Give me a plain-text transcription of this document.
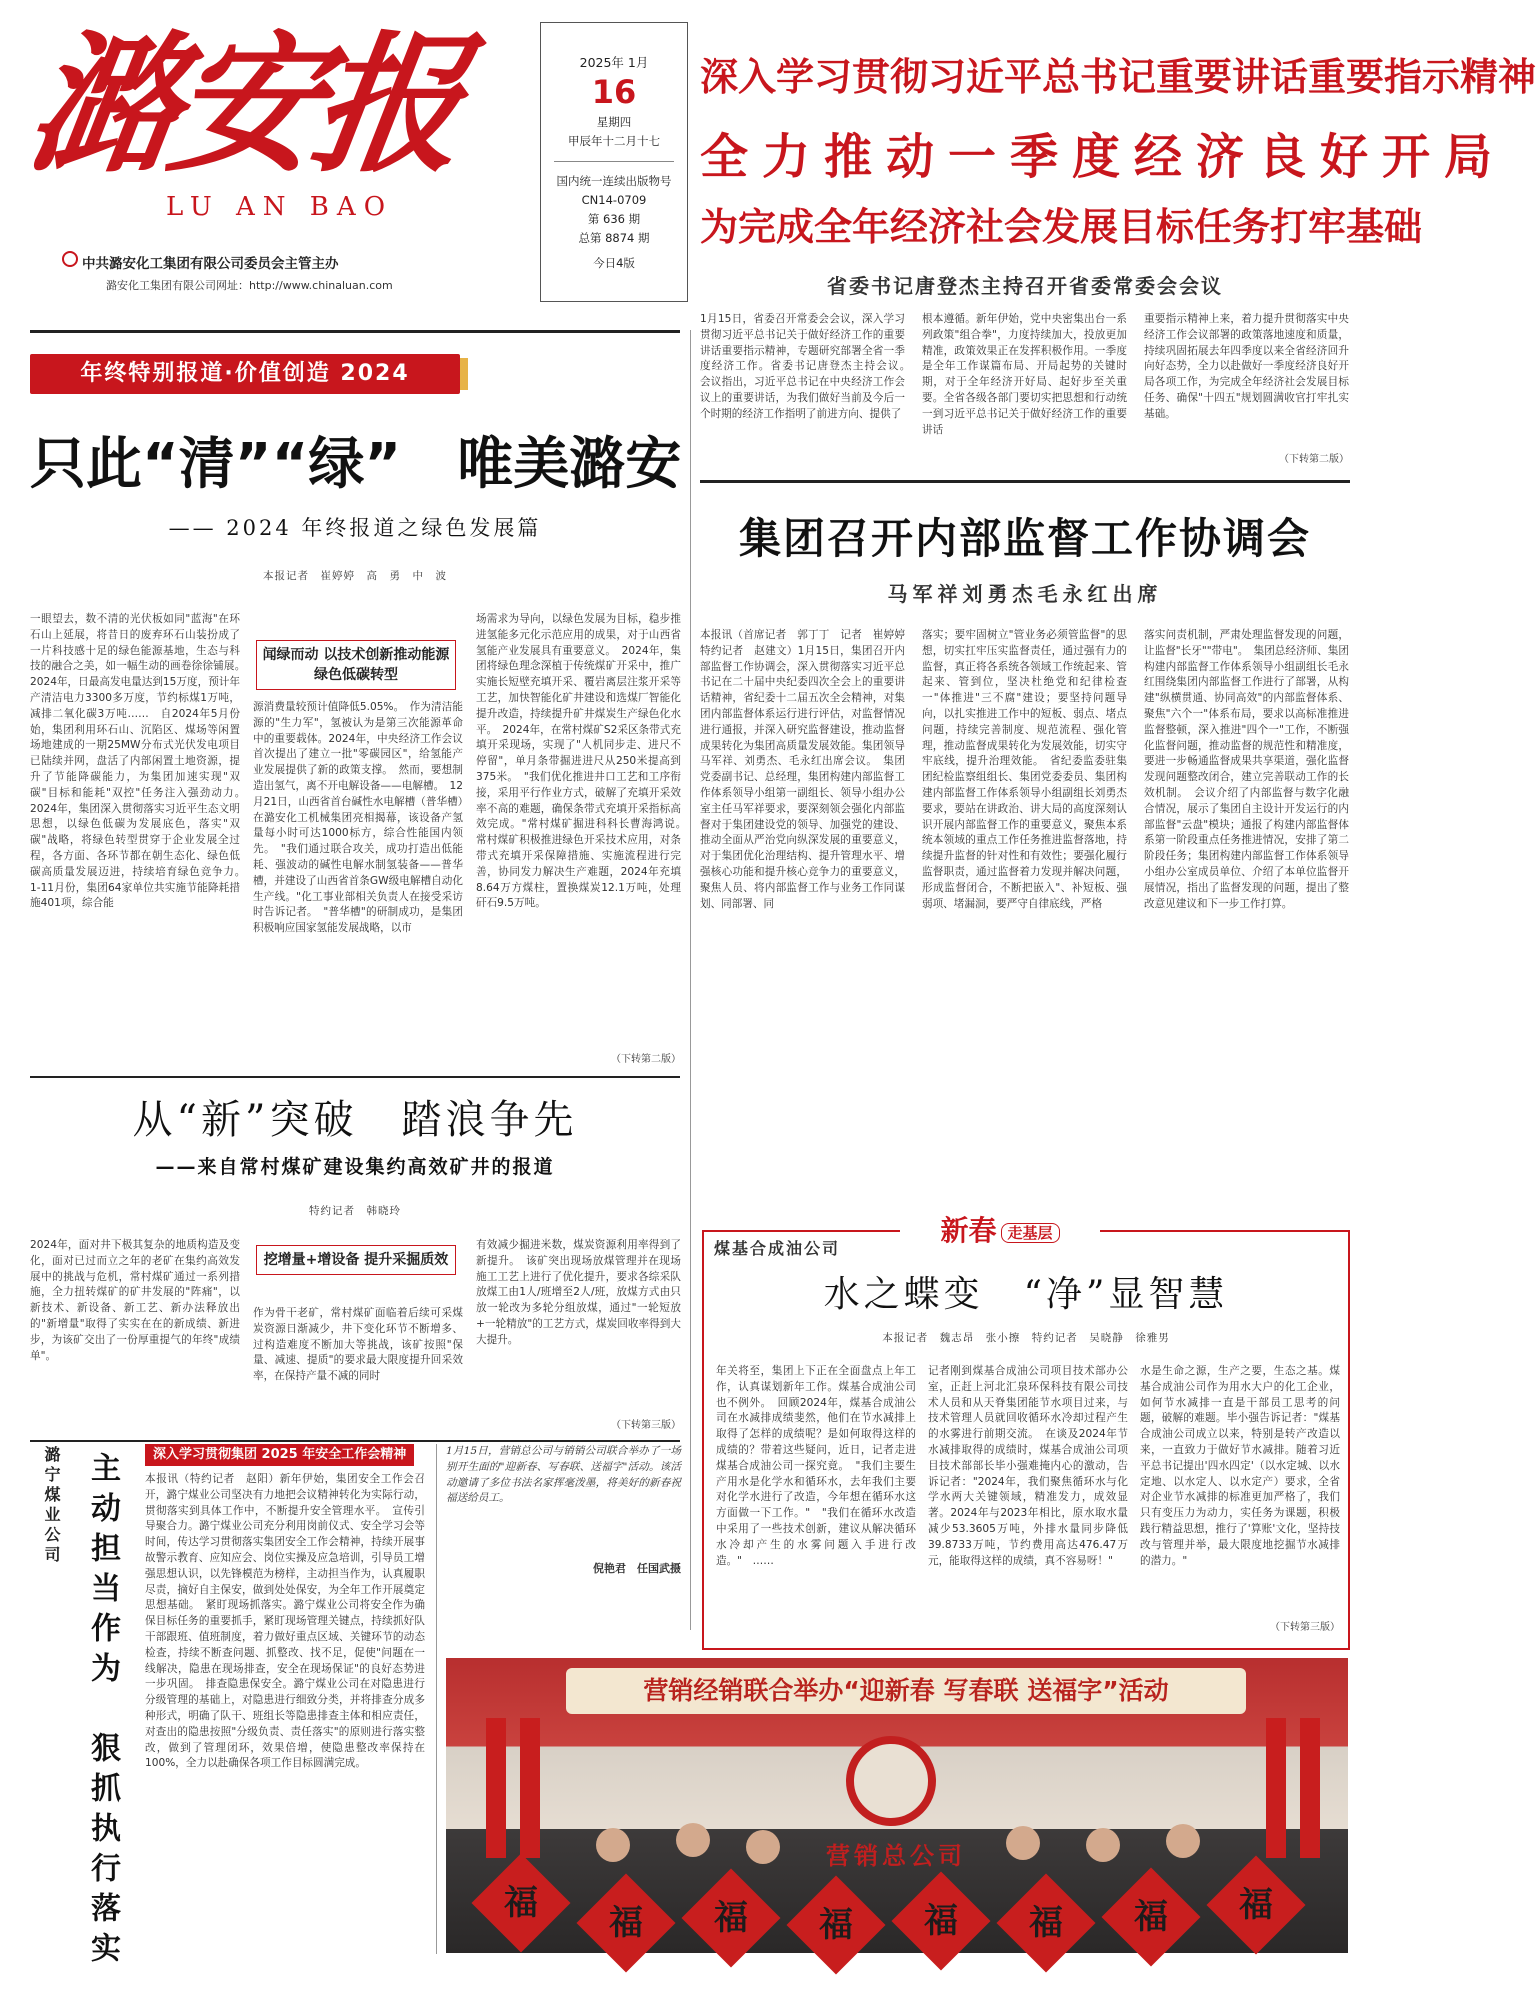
潞安报
LU AN BAO
中共潞安化工集团有限公司委员会主管主办
潞安化工集团有限公司网址：http://www.chinaluan.com
2025年 1月
16
星期四
甲辰年十二月十七
国内统一连续出版物号
CN14-0709
第 636 期
总第 8874 期
今日4版
深入学习贯彻习近平总书记重要讲话重要指示精神
全力推动一季度经济良好开局
为完成全年经济社会发展目标任务打牢基础
省委书记唐登杰主持召开省委常委会会议
1月15日，省委召开常委会会议，深入学习贯彻习近平总书记关于做好经济工作的重要讲话重要指示精神，专题研究部署全省一季度经济工作。省委书记唐登杰主持会议。　会议指出，习近平总书记在中央经济工作会议上的重要讲话，为我们做好当前及今后一个时期的经济工作指明了前进方向、提供了
根本遵循。新年伊始，党中央密集出台一系列政策"组合拳"，力度持续加大，投放更加精准，政策效果正在发挥积极作用。一季度是全年工作谋篇布局、开局起势的关键时期，对于全年经济开好局、起好步至关重要。全省各级各部门要切实把思想和行动统一到习近平总书记关于做好经济工作的重要讲话
重要指示精神上来，着力提升贯彻落实中央经济工作会议部署的政策落地速度和质量，持续巩固拓展去年四季度以来全省经济回升向好态势，全力以赴做好一季度经济良好开局各项工作，为完成全年经济社会发展目标任务、确保"十四五"规划圆满收官打牢扎实基础。
（下转第二版）
年终特别报道·价值创造 2024
只此“清”“绿”　唯美潞安
—— 2024 年终报道之绿色发展篇
本报记者　崔婷婷　高　勇　中　波
一眼望去，数不清的光伏板如同"蓝海"在环石山上延展，将昔日的废弃环石山装扮成了一片科技感十足的绿色能源基地，生态与科技的融合之美，如一幅生动的画卷徐徐铺展。　2024年，日最高发电量达到15万度，预计年产清洁电力3300多万度，节约标煤1万吨，减排二氧化碳3万吨……　自2024年5月份始，集团利用环石山、沉陷区、煤场等闲置场地建成的一期25MW分布式光伏发电项目已陆续并网，盘活了内部闲置土地资源，提升了节能降碳能力，为集团加速实现"双碳"目标和能耗"双控"任务注入强劲动力。　2024年，集团深入贯彻落实习近平生态文明思想，以绿色低碳为发展底色，落实"双碳"战略，将绿色转型贯穿于企业发展全过程，各方面、各环节都在朝生态化、绿色低碳高质量发展迈进，持续培育绿色竞争力。　1-11月份，集团64家单位共实施节能降耗措施401项，综合能
闻绿而动 以技术创新推动能源绿色低碳转型
源消费量较预计值降低5.05%。　作为清洁能源的"生力军"，氢被认为是第三次能源革命中的重要载体。2024年，中央经济工作会议首次提出了建立一批"零碳园区"，给氢能产业发展提供了新的政策支撑。　然而，要想制造出氢气，离不开电解设备——电解槽。　12月21日，山西省首台碱性水电解槽（普华槽）在潞安化工机械集团亮相揭幕，该设备产氢量每小时可达1000标方，综合性能国内领先。　"我们通过联合攻关，成功打造出低能耗、强波动的碱性电解水制氢装备——普华槽，并建设了山西省首条GW级电解槽自动化生产线。"化工事业部相关负责人在接受采访时告诉记者。　"普华槽"的研制成功，是集团积极响应国家氢能发展战略，以市
场需求为导向，以绿色发展为目标，稳步推进氢能多元化示范应用的成果，对于山西省氢能产业发展具有重要意义。　2024年，集团将绿色理念深植于传统煤矿开采中，推广实施长短壁充填开采、覆岩离层注浆开采等工艺，加快智能化矿井建设和选煤厂智能化提升改造，持续提升矿井煤炭生产绿色化水平。　2024年，在常村煤矿S2采区条带式充填开采现场，实现了"人机同步走、进尺不停留"，单月条带掘进进尺从250米提高到375米。　"我们优化推进井口工艺和工序衔接，采用平行作业方式，破解了充填开采效率不高的难题，确保条带式充填开采指标高效完成。"常村煤矿掘进科科长曹海鸿说。　常村煤矿积极推进绿色开采技术应用，对条带式充填开采保障措施、实施流程进行完善，协同发力解决生产难题，2024年充填8.64万方煤柱，置换煤炭12.1万吨，处理矸石9.5万吨。
（下转第二版）
集团召开内部监督工作协调会
马军祥刘勇杰毛永红出席
本报讯（首席记者　郭丁丁　记者　崔婷婷　特约记者　赵建文）1月15日，集团召开内部监督工作协调会，深入贯彻落实习近平总书记在二十届中央纪委四次全会上的重要讲话精神，省纪委十二届五次全会精神，对集团内部监督体系运行进行评估，对监督情况进行通报，并深入研究监督建设，推动监督成果转化为集团高质量发展效能。集团领导马军祥、刘勇杰、毛永红出席会议。　集团党委副书记、总经理，集团构建内部监督工作体系领导小组第一副组长、领导小组办公室主任马军祥要求，要深刻领会强化内部监督对于集团建设党的领导、加强党的建设、推动全面从严治党向纵深发展的重要意义，对于集团优化治理结构、提升管理水平、增强核心功能和提升核心竞争力的重要意义，聚焦人员、将内部监督工作与业务工作同谋划、同部署、同
落实；要牢固树立"管业务必须管监督"的思想，切实扛牢压实监督责任，通过强有力的监督，真正将各系统各领域工作统起来、管起来、管到位，坚决杜绝党和纪律检查一"体推进"三不腐"建设；要坚持问题导向，以扎实推进工作中的短板、弱点、堵点问题，持续完善制度、规范流程、强化管理，推动监督成果转化为发展效能，切实守牢底线，提升治理效能。　省纪委监委驻集团纪检监察组组长、集团党委委员、集团构建内部监督工作体系领导小组副组长刘勇杰要求，要站在讲政治、讲大局的高度深刻认识开展内部监督工作的重要意义，聚焦本系统本领域的重点工作任务推进监督落地，持续提升监督的针对性和有效性；要强化履行监督职责，通过监督着力发现并解决问题，形成监督闭合，不断把嵌入"、补短板、强弱项、堵漏洞，要严守自律底线，严格
落实问责机制，严肃处理监督发现的问题，让监督"长牙""带电"。　集团总经济师、集团构建内部监督工作体系领导小组副组长毛永红围绕集团内部监督工作进行了部署，从构建"纵横贯通、协同高效"的内部监督体系、聚焦"六个一"体系布局，要求以高标准推进监督整顿，深入推进"四个一"工作，不断强化监督问题，推动监督的规范性和精准度，要进一步畅通监督成果共享渠道，强化监督发现问题整改闭合，建立完善联动工作的长效机制。　会议介绍了内部监督与数字化融合情况，展示了集团自主设计开发运行的内部监督"云盘"模块；通报了构建内部监督体系第一阶段重点任务推进情况，安排了第二阶段任务；集团构建内部监督工作体系领导小组办公室成员单位、介绍了本单位监督开展情况，指出了监督发现的问题，提出了整改意见建议和下一步工作打算。
从“新”突破　踏浪争先
——来自常村煤矿建设集约高效矿井的报道
特约记者　韩晓玲
2024年，面对井下极其复杂的地质构造及变化，面对已过而立之年的老矿在集约高效发展中的挑战与危机，常村煤矿通过一系列措施，全力扭转煤矿的矿井发展的"阵痛"，以新技术、新设备、新工艺、新办法释放出的"新增量"取得了实实在在的新成绩、新进步，为该矿交出了一份厚重提气的年终"成绩单"。
挖增量+增设备 提升采掘质效
作为骨干老矿，常村煤矿面临着后续可采煤炭资源日渐减少，井下变化环节不断增多、过构造难度不断加大等挑战，该矿按照"保量、减速、提质"的要求最大限度提升回采效率，在保持产量不减的同时
有效减少掘进米数，煤炭资源利用率得到了新提升。　该矿突出现场放煤管理并在现场施工工艺上进行了优化提升，要求各综采队放煤工由1人/班增至2人/班，放煤方式由只放一轮改为多轮分组放煤，通过"一轮短放+一轮精放"的工艺方式，煤炭回收率得到大大提升。
（下转第三版）
新春 走基层
煤基合成油公司
水之蝶变　“净”显智慧
本报记者　魏志昂　张小擦　特约记者　吴晓静　徐雅男
年关将至，集团上下正在全面盘点上年工作，认真谋划新年工作。煤基合成油公司也不例外。　回顾2024年，煤基合成油公司在水减排成绩斐然，他们在节水减排上取得了怎样的成绩呢？是如何取得这样的成绩的？带着这些疑问，近日，记者走进煤基合成油公司一探究竟。　"我们主要生产用水是化学水和循环水，去年我们主要对化学水进行了改造，今年想在循环水这方面做一下工作。"　"我们在循环水改造中采用了一些技术创新，建议从解决循环水冷却产生的水雾问题入手进行改造。"　……
记者刚到煤基合成油公司项目技术部办公室，正赶上河北汇泉环保科技有限公司技术人员和从天脊集团能节水项目过来，与技术管理人员就回收循环水冷却过程产生的水雾进行前期交流。　在谈及2024年节水减排取得的成绩时，煤基合成油公司项目技术部部长毕小强难掩内心的激动，告诉记者："2024年，我们聚焦循环水与化学水两大关键领域，精准发力，成效显著。2024年与2023年相比，原水取水量减少53.3605万吨，外排水量同步降低39.8733万吨，节约费用高达476.47万元，能取得这样的成绩，真不容易呀！"
水是生命之源，生产之要，生态之基。煤基合成油公司作为用水大户的化工企业，如何节水减排一直是干部员工思考的问题，破解的难题。毕小强告诉记者："煤基合成油公司成立以来，特别是转产改造以来，一直致力于做好节水减排。随着习近平总书记提出'四水四定'（以水定城、以水定地、以水定人、以水定产）要求，全省对企业节水减排的标准更加严格了，我们只有变压力为动力，实任务为课题，积极践行精益思想，推行了'算账'文化，坚持技改与管理并举，最大限度地挖掘节水减排的潜力。"
（下转第三版）
潞宁煤业公司 主动担当作为　狠抓执行落实	深入学习贯彻集团 2025 年安全工作会精神
本报讯（特约记者　赵阳）新年伊始，集团安全工作会召开，潞宁煤业公司坚决有力地把会议精神转化为实际行动，贯彻落实到具体工作中，不断提升安全管理水平。　宣传引导聚合力。潞宁煤业公司充分利用岗前仪式、安全学习会等时间，传达学习贯彻落实集团安全工作会精神，持续开展事故警示教育、应知应会、岗位实操及应急培训，引导员工增强思想认识，以先锋模范为榜样，主动担当作为，认真履职尽责，摘好自主保安，做到处处保安，为全年工作开展奠定思想基础。　紧盯现场抓落实。潞宁煤业公司将安全作为确保目标任务的重要抓手，紧盯现场管理关键点，持续抓好队干部跟班、值班制度，着力做好重点区域、关键环节的动态检查，持续不断查问题、抓整改、找不足，促使"问题在一线解决，隐患在现场排查，安全在现场保证"的良好态势进一步巩固。　排查隐患保安全。潞宁煤业公司在对隐患进行分级管理的基础上，对隐患进行细致分类，并将排查分成多种形式，明确了队干、班组长等隐患排查主体和相应责任，对查出的隐患按照"分级负责、责任落实"的原则进行落实整改，做到了管理闭环，效果倍增，使隐患整改率保持在100%，全力以赴确保各项工作目标圆满完成。
1月15日，营销总公司与销销公司联合举办了一场别开生面的"迎新春、写春联、送福字"活动。该活动邀请了多位书法名家挥毫泼墨，将美好的新春祝福送给员工。
倪艳君　任国武摄
营销经销联合举办“迎新春 写春联 送福字”活动
营销总公司
福	福	福	福	福	福	福	福
